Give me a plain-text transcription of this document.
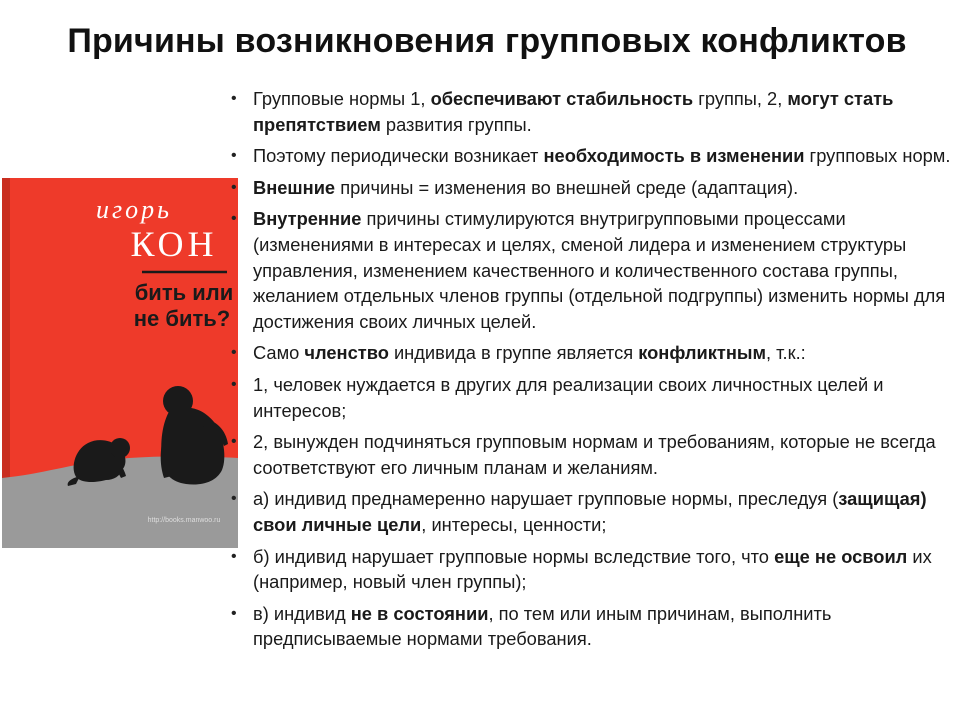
Причины возникновения групповых конфликтов
игорь
КОН
бить или
не бить?
http://books.manwoo.ru
• Групповые нормы 1, обеспечивают стабильность группы, 2, могут стать препятствием развития группы.
• Поэтому периодически возникает необходимость в изменении групповых норм.
• Внешние причины = изменения во внешней среде (адаптация).
• Внутренние причины стимулируются внутригрупповыми процессами (изменениями в интересах и целях, сменой лидера и изменением структуры управления, изменением качественного и количественного состава группы, желанием отдельных членов группы (отдельной подгруппы) изменить нормы для достижения своих личных целей.
• Само членство индивида в группе является конфликтным, т.к.:
• 1, человек нуждается в других для реализации своих личностных целей и интересов;
• 2, вынужден подчиняться групповым нормам и требованиям, которые не всегда соответствуют его личным планам и желаниям.
• а) индивид преднамеренно нарушает групповые нормы, преследуя (защищая) свои личные цели, интересы, ценности;
• б) индивид нарушает групповые нормы вследствие того, что еще не освоил их (например, новый член группы);
• в) индивид не в состоянии, по тем или иным причинам, выполнить предписываемые нормами требования.
